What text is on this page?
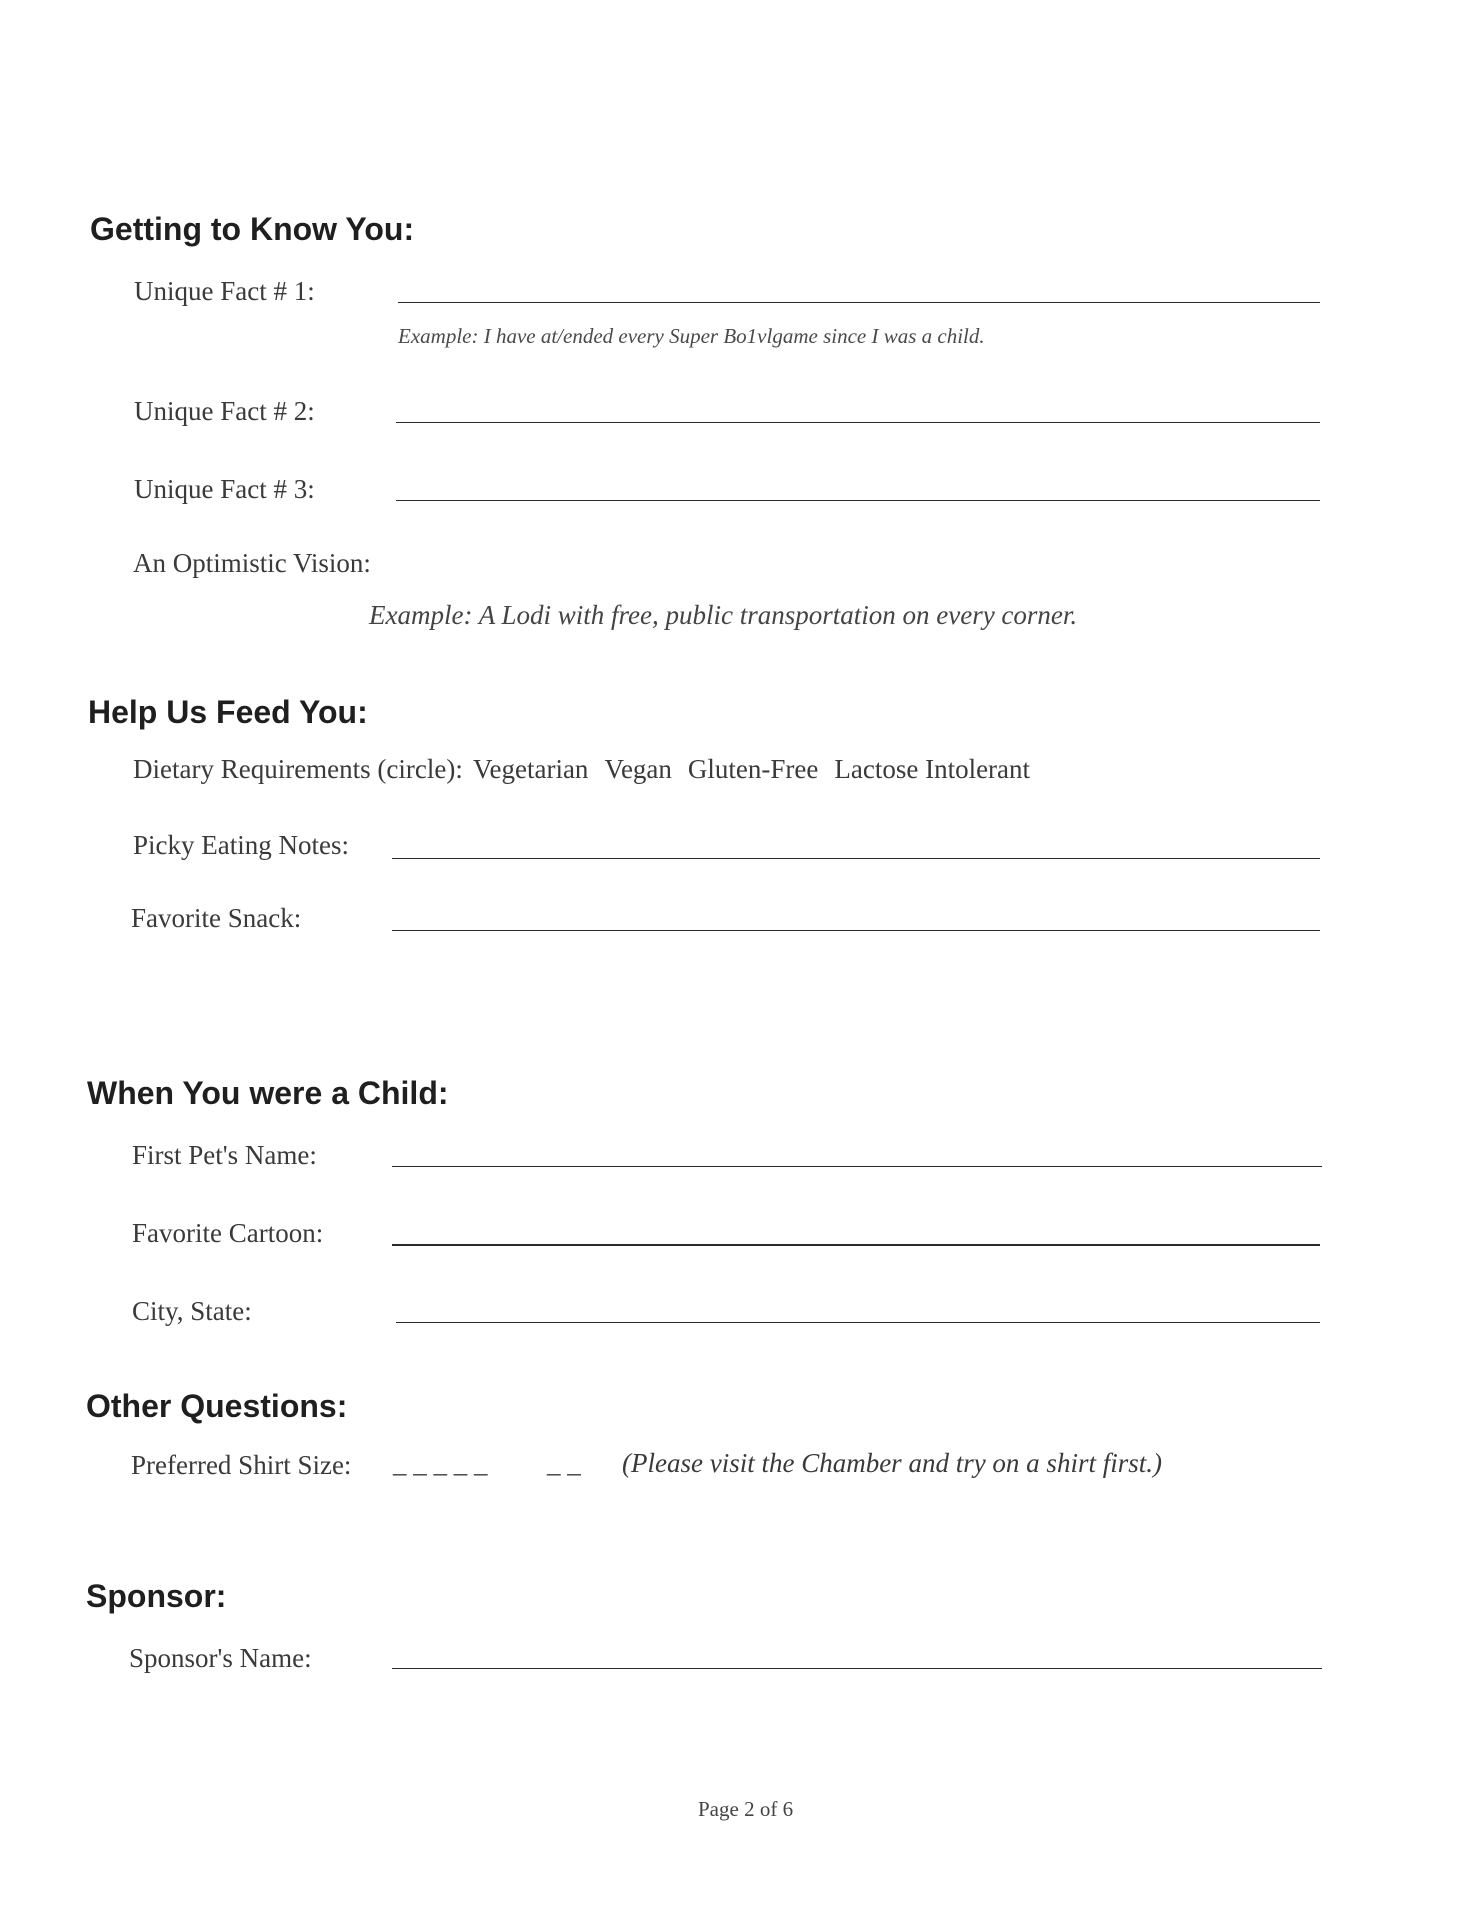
Getting to Know You:
Unique Fact # 1:
Example: I have at/ended every Super Bo1vlgame since I was a child.
Unique Fact # 2:
Unique Fact # 3:
An Optimistic Vision:
Example: A Lodi with free, public transportation on every corner.
Help Us Feed You:
Dietary Requirements (circle): Vegetarian Vegan Gluten-Free Lactose Intolerant
Picky Eating Notes:
Favorite Snack:
When You were a Child:
First Pet's Name:
Favorite Cartoon:
City, State:
Other Questions:
Preferred Shirt Size: _ _ _ _ _ _ _ (Please visit the Chamber and try on a shirt first.)
Sponsor:
Sponsor's Name:
Page 2 of 6
